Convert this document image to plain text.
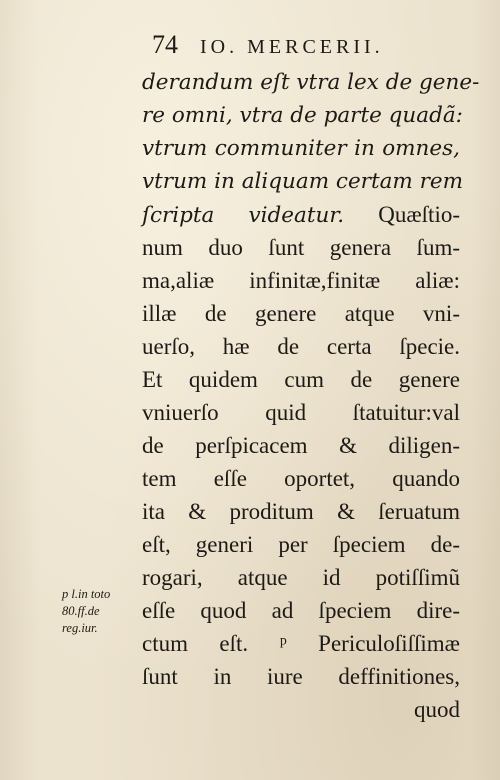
74 IO. MERCERII.
derandum eſt vtra lex de gene-
re omni, vtra de parte quadã:
vtrum communiter in omnes,
vtrum in aliquam certam rem
ſcripta videatur. Quæſtio-
num duo ſunt genera ſum-
ma,aliæ infinitæ,finitæ aliæ:
illæ de genere atque vni-
uerſo, hæ de certa ſpecie.
Et quidem cum de genere
vniuerſo quid ſtatuitur:val
de perſpicacem & diligen-
tem eſſe oportet, quando
ita & proditum & ſeruatum
eſt, generi per ſpeciem de-
rogari, atque id potiſſimũ
eſſe quod ad ſpeciem dire-
ctum eſt. ᵖ Periculoſiſſimæ
ſunt in iure deffinitiones,
quod
p l.in toto
80.ff.de
reg.iur.
